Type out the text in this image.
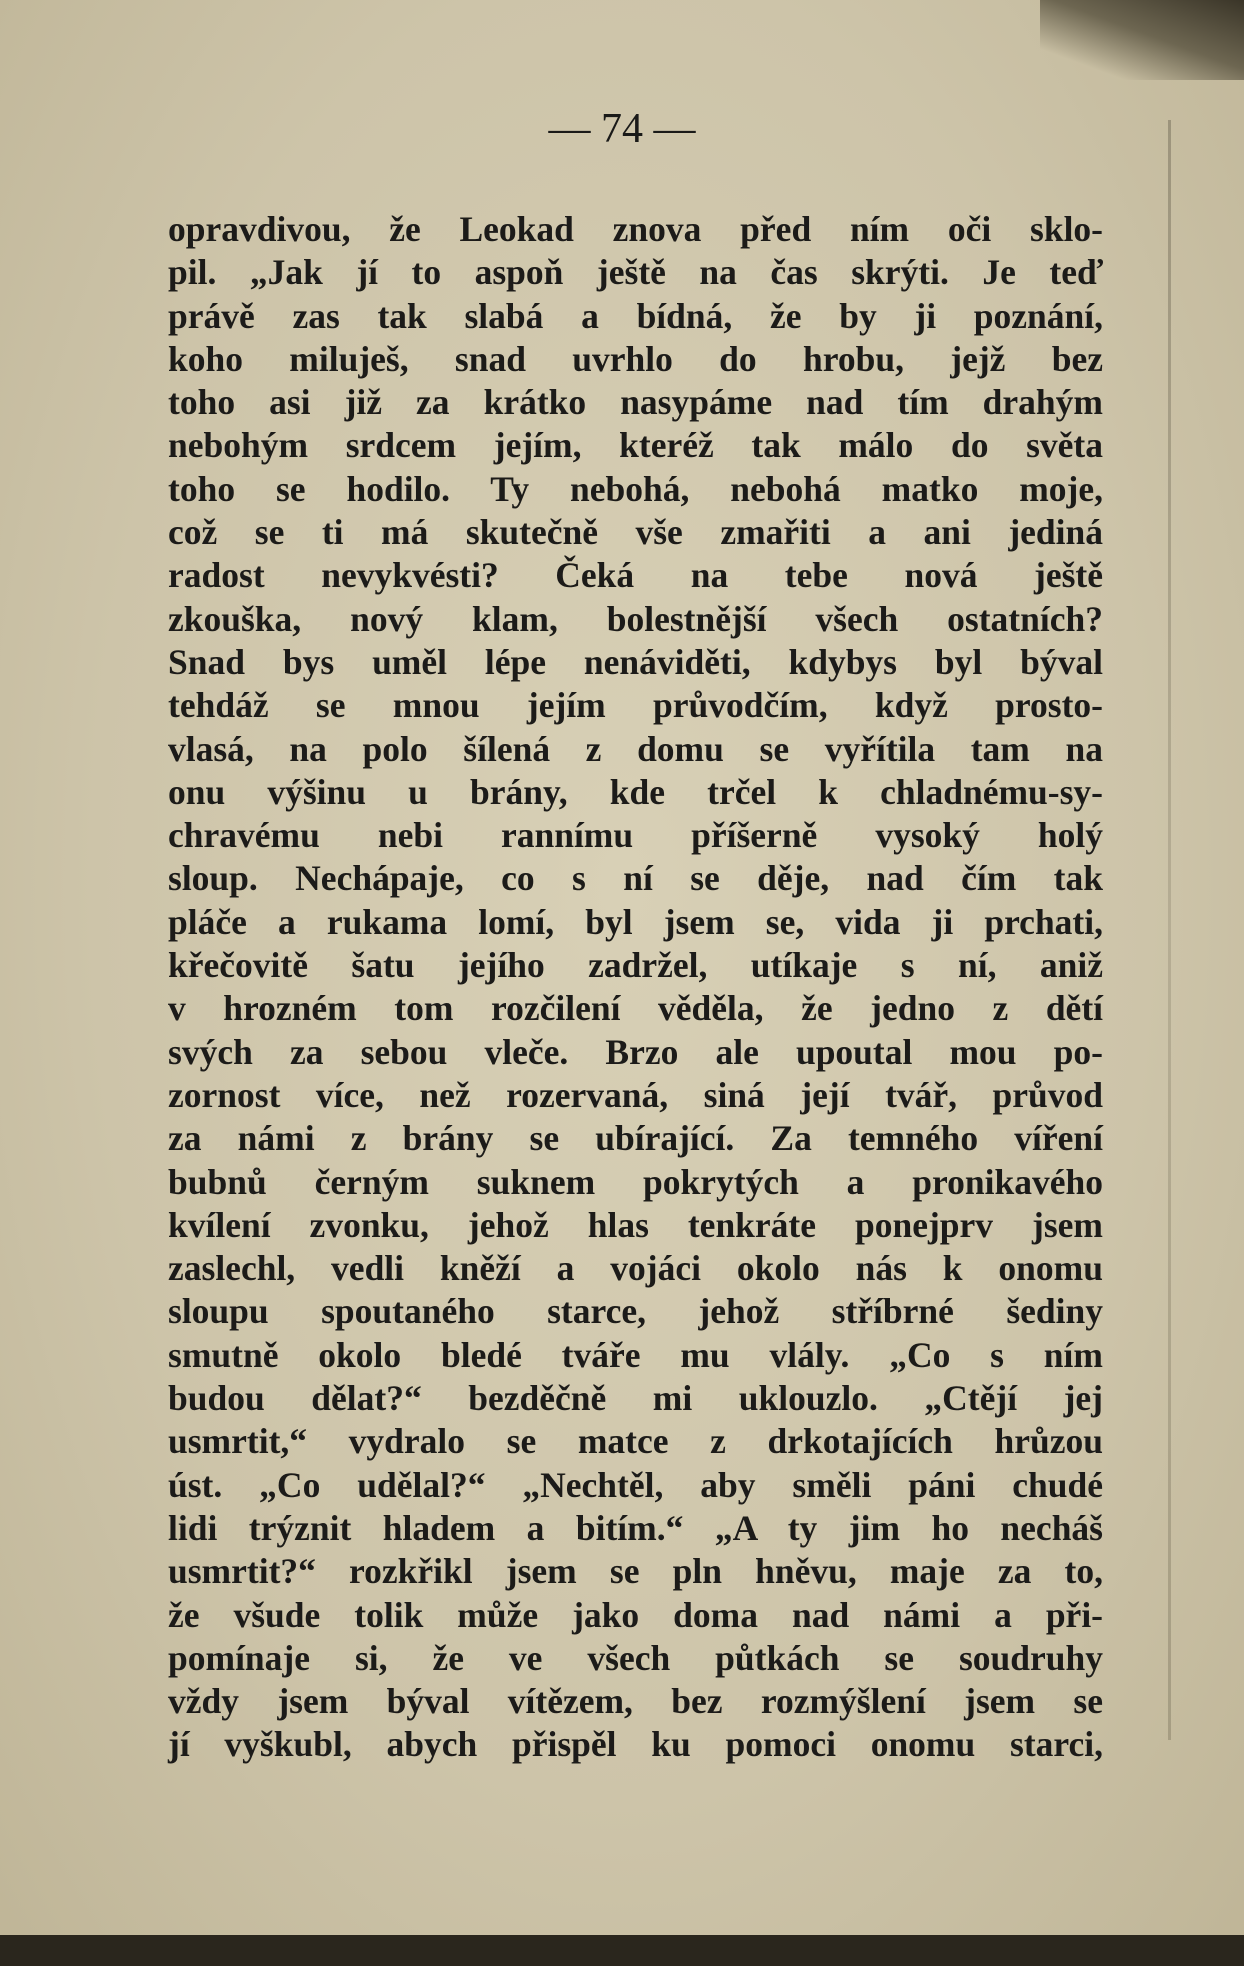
— 74 —
opravdivou, že Leokad znova před ním oči sklo-
pil. „Jak jí to aspoň ještě na čas skrýti. Je teď
právě zas tak slabá a bídná, že by ji poznání,
koho miluješ, snad uvrhlo do hrobu, jejž bez
toho asi již za krátko nasypáme nad tím drahým
nebohým srdcem jejím, kteréž tak málo do světa
toho se hodilo. Ty nebohá, nebohá matko moje,
což se ti má skutečně vše zmařiti a ani jediná
radost nevykvésti? Čeká na tebe nová ještě
zkouška, nový klam, bolestnější všech ostatních?
Snad bys uměl lépe nenáviděti, kdybys byl býval
tehdáž se mnou jejím průvodčím, když prosto-
vlasá, na polo šílená z domu se vyřítila tam na
onu výšinu u brány, kde trčel k chladnému-sy-
chravému nebi rannímu příšerně vysoký holý
sloup. Nechápaje, co s ní se děje, nad čím tak
pláče a rukama lomí, byl jsem se, vida ji prchati,
křečovitě šatu jejího zadržel, utíkaje s ní, aniž
v hrozném tom rozčilení věděla, že jedno z dětí
svých za sebou vleče. Brzo ale upoutal mou po-
zornost více, než rozervaná, siná její tvář, průvod
za námi z brány se ubírající. Za temného víření
bubnů černým suknem pokrytých a pronikavého
kvílení zvonku, jehož hlas tenkráte ponejprv jsem
zaslechl, vedli kněží a vojáci okolo nás k onomu
sloupu spoutaného starce, jehož stříbrné šediny
smutně okolo bledé tváře mu vlály. „Co s ním
budou dělat?“ bezděčně mi uklouzlo. „Ctějí jej
usmrtit,“ vydralo se matce z drkotajících hrůzou
úst. „Co udělal?“ „Nechtěl, aby směli páni chudé
lidi trýznit hladem a bitím.“ „A ty jim ho necháš
usmrtit?“ rozkřikl jsem se pln hněvu, maje za to,
že všude tolik může jako doma nad námi a při-
pomínaje si, že ve všech půtkách se soudruhy
vždy jsem býval vítězem, bez rozmýšlení jsem se
jí vyškubl, abych přispěl ku pomoci onomu starci,
